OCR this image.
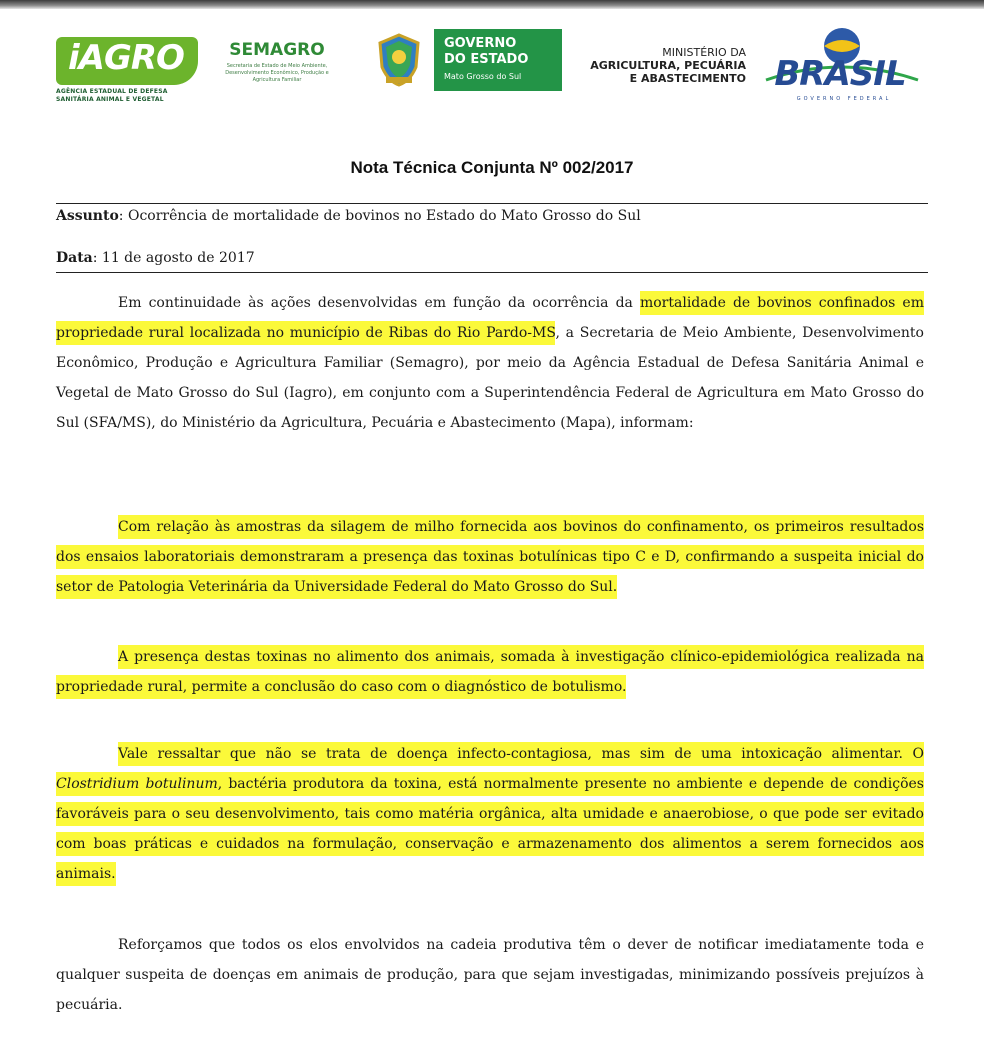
iAGRO
AGÊNCIA ESTADUAL DE DEFESA SANITÁRIA ANIMAL E VEGETAL
SEMAGRO
Secretaria de Estado de Meio Ambiente, Desenvolvimento Econômico, Produção e Agricultura Familiar
GOVERNO
DO ESTADO
Mato Grosso do Sul
MINISTÉRIO DA
AGRICULTURA, PECUÁRIA
E ABASTECIMENTO BRASIL
GOVERNO FEDERAL
Nota Técnica Conjunta Nº 002/2017
Assunto: Ocorrência de mortalidade de bovinos no Estado do Mato Grosso do Sul
Data: 11 de agosto de 2017

Em continuidade às ações desenvolvidas em função da ocorrência da mortalidade de bovinos confinados em propriedade rural localizada no município de Ribas do Rio Pardo-MS, a Secretaria de Meio Ambiente, Desenvolvimento Econômico, Produção e Agricultura Familiar (Semagro), por meio da Agência Estadual de Defesa Sanitária Animal e Vegetal de Mato Grosso do Sul (Iagro), em conjunto com a Superintendência Federal de Agricultura em Mato Grosso do Sul (SFA/MS), do Ministério da Agricultura, Pecuária e Abastecimento (Mapa), informam:

Com relação às amostras da silagem de milho fornecida aos bovinos do confinamento, os primeiros resultados dos ensaios laboratoriais demonstraram a presença das toxinas botulínicas tipo C e D, confirmando a suspeita inicial do setor de Patologia Veterinária da Universidade Federal do Mato Grosso do Sul.

A presença destas toxinas no alimento dos animais, somada à investigação clínico-epidemiológica realizada na propriedade rural, permite a conclusão do caso com o diagnóstico de botulismo.

Vale ressaltar que não se trata de doença infecto-contagiosa, mas sim de uma intoxicação alimentar. O Clostridium botulinum, bactéria produtora da toxina, está normalmente presente no ambiente e depende de condições favoráveis para o seu desenvolvimento, tais como matéria orgânica, alta umidade e anaerobiose, o que pode ser evitado com boas práticas e cuidados na formulação, conservação e armazenamento dos alimentos a serem fornecidos aos animais.

Reforçamos que todos os elos envolvidos na cadeia produtiva têm o dever de notificar imediatamente toda e qualquer suspeita de doenças em animais de produção, para que sejam investigadas, minimizando possíveis prejuízos à pecuária.
